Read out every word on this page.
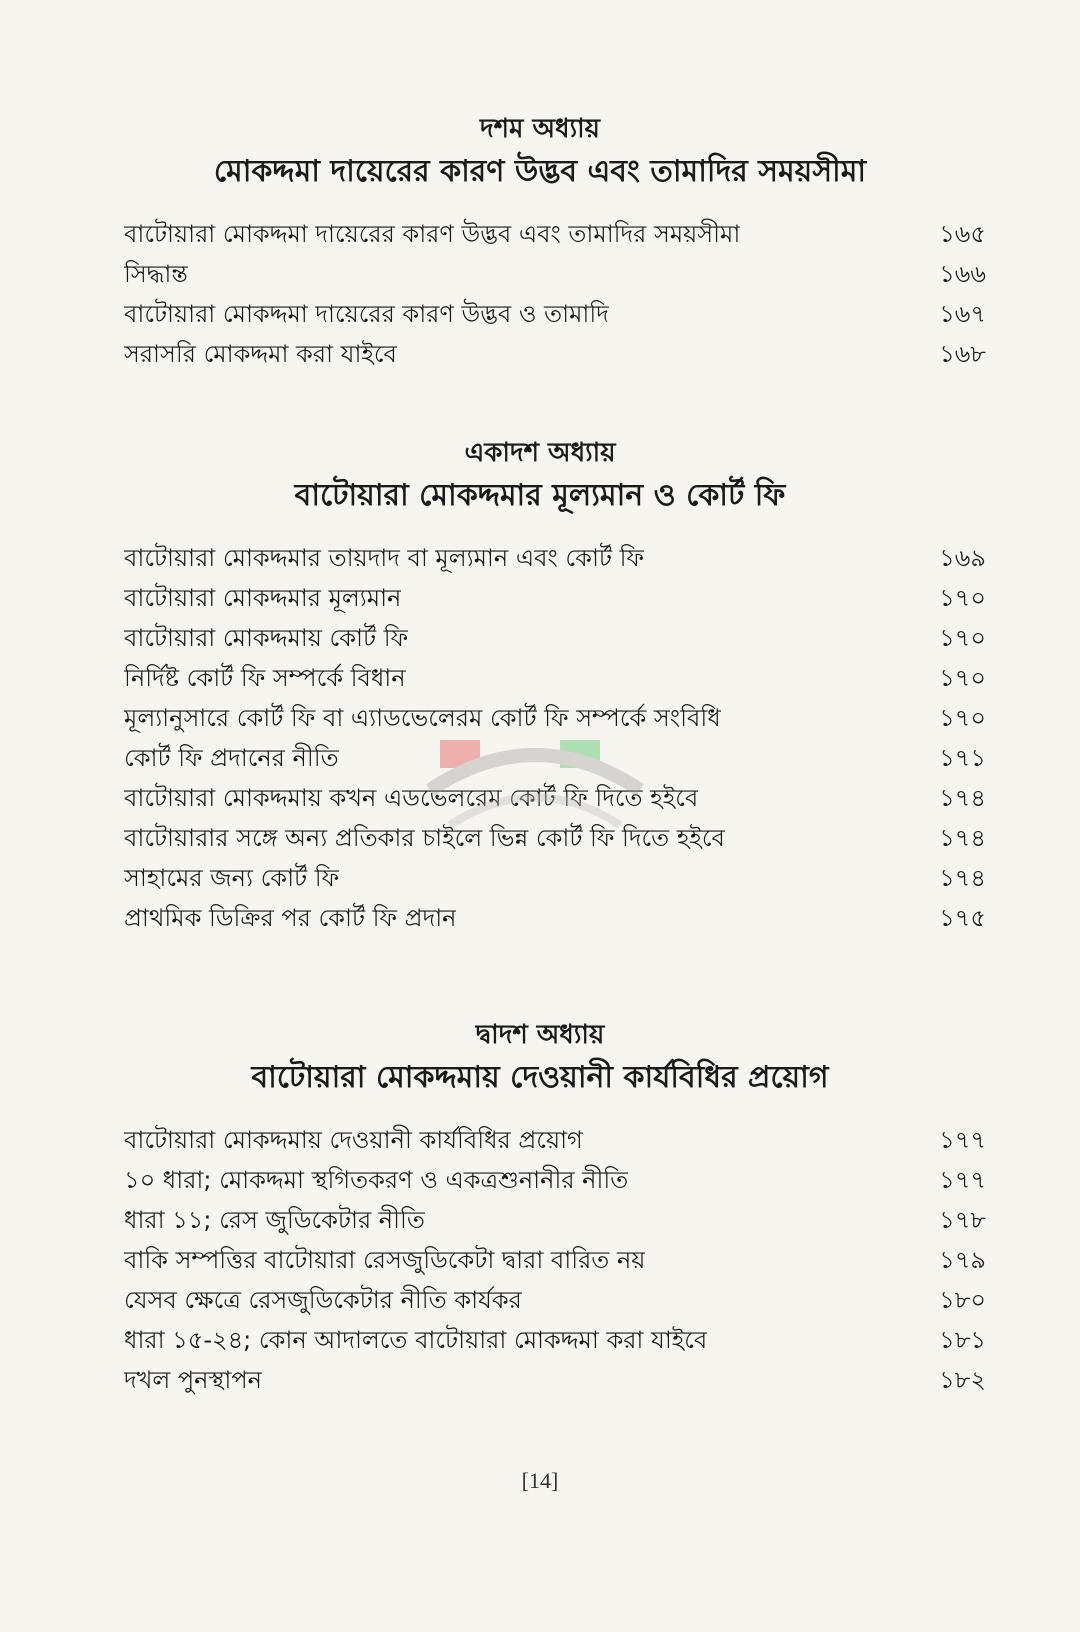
দশম অধ্যায়
মোকদ্দমা দায়েরের কারণ উদ্ভব এবং তামাদির সময়সীমা
বাটোয়ারা মোকদ্দমা দায়েরের কারণ উদ্ভব এবং তামাদির সময়সীমা	১৬৫
সিদ্ধান্ত	১৬৬
বাটোয়ারা মোকদ্দমা দায়েরের কারণ উদ্ভব ও তামাদি	১৬৭
সরাসরি মোকদ্দমা করা যাইবে	১৬৮
একাদশ অধ্যায়
বাটোয়ারা মোকদ্দমার মূল্যমান ও কোর্ট ফি
বাটোয়ারা মোকদ্দমার তায়দাদ বা মূল্যমান এবং কোর্ট ফি	১৬৯
বাটোয়ারা মোকদ্দমার মূল্যমান	১৭০
বাটোয়ারা মোকদ্দমায় কোর্ট ফি	১৭০
নির্দিষ্ট কোর্ট ফি সম্পর্কে বিধান	১৭০
মূল্যানুসারে কোর্ট ফি বা এ্যাডভেলেরম কোর্ট ফি সম্পর্কে সংবিধি	১৭০
কোর্ট ফি প্রদানের নীতি	১৭১
বাটোয়ারা মোকদ্দমায় কখন এডভেলরেম কোর্ট ফি দিতে হইবে	১৭৪
বাটোয়ারার সঙ্গে অন্য প্রতিকার চাইলে ভিন্ন কোর্ট ফি দিতে হইবে	১৭৪
সাহামের জন্য কোর্ট ফি	১৭৪
প্রাথমিক ডিক্রির পর কোর্ট ফি প্রদান	১৭৫
দ্বাদশ অধ্যায়
বাটোয়ারা মোকদ্দমায় দেওয়ানী কার্যবিধির প্রয়োগ
বাটোয়ারা মোকদ্দমায় দেওয়ানী কার্যবিধির প্রয়োগ	১৭৭
১০ ধারা; মোকদ্দমা স্থগিতকরণ ও একত্রশুনানীর নীতি	১৭৭
ধারা ১১; রেস জুডিকেটার নীতি	১৭৮
বাকি সম্পত্তির বাটোয়ারা রেসজুডিকেটা দ্বারা বারিত নয়	১৭৯
যেসব ক্ষেত্রে রেসজুডিকেটার নীতি কার্যকর	১৮০
ধারা ১৫-২৪; কোন আদালতে বাটোয়ারা মোকদ্দমা করা যাইবে	১৮১
দখল পুনস্থাপন	১৮২
[14]
